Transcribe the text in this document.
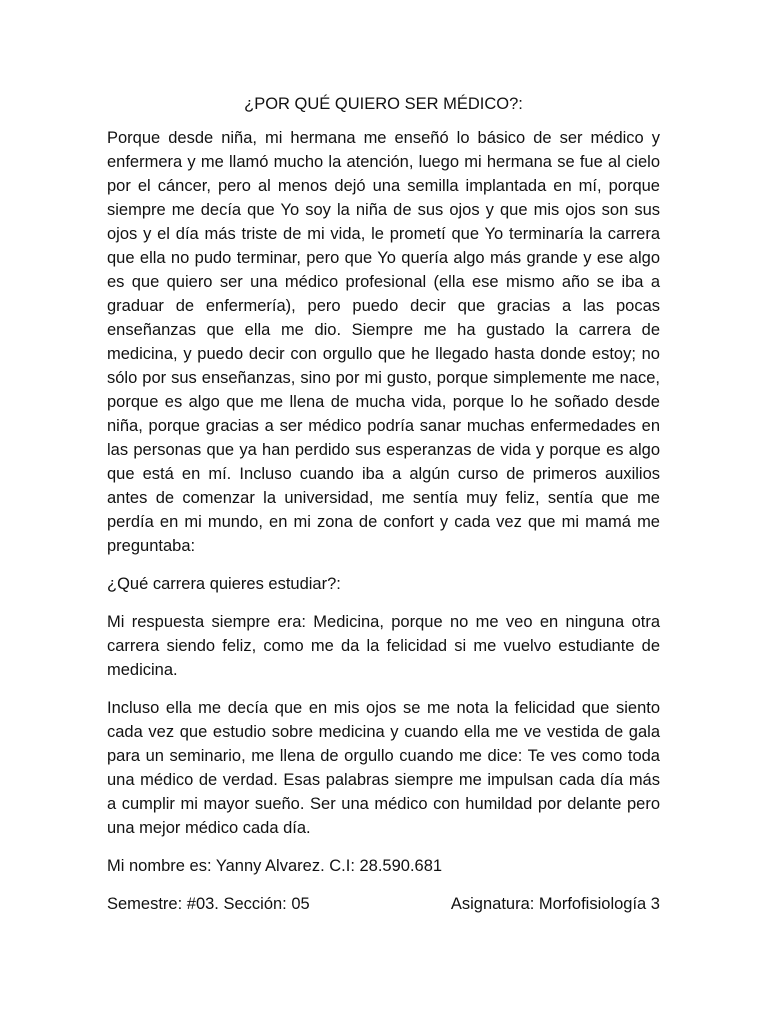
¿POR QUÉ QUIERO SER MÉDICO?:

Porque desde niña, mi hermana me enseñó lo básico de ser médico y enfermera y me llamó mucho la atención, luego mi hermana se fue al cielo por el cáncer, pero al menos dejó una semilla implantada en mí, porque siempre me decía que Yo soy la niña de sus ojos y que mis ojos son sus ojos y el día más triste de mi vida, le prometí que Yo terminaría la carrera que ella no pudo terminar, pero que Yo quería algo más grande y ese algo es que quiero ser una médico profesional (ella ese mismo año se iba a graduar de enfermería), pero puedo decir que gracias a las pocas enseñanzas que ella me dio. Siempre me ha gustado la carrera de medicina, y puedo decir con orgullo que he llegado hasta donde estoy; no sólo por sus enseñanzas, sino por mi gusto, porque simplemente me nace, porque es algo que me llena de mucha vida, porque lo he soñado desde niña, porque gracias a ser médico podría sanar muchas enfermedades en las personas que ya han perdido sus esperanzas de vida y porque es algo que está en mí. Incluso cuando iba a algún curso de primeros auxilios antes de comenzar la universidad, me sentía muy feliz, sentía que me perdía en mi mundo, en mi zona de confort y cada vez que mi mamá me preguntaba:

¿Qué carrera quieres estudiar?:

Mi respuesta siempre era: Medicina, porque no me veo en ninguna otra carrera siendo feliz, como me da la felicidad si me vuelvo estudiante de medicina.

Incluso ella me decía que en mis ojos se me nota la felicidad que siento cada vez que estudio sobre medicina y cuando ella me ve vestida de gala para un seminario, me llena de orgullo cuando me dice: Te ves como toda una médico de verdad. Esas palabras siempre me impulsan cada día más a cumplir mi mayor sueño. Ser una médico con humildad por delante pero una mejor médico cada día.

Mi nombre es: Yanny Alvarez. C.I: 28.590.681

Semestre: #03. Sección: 05	Asignatura: Morfofisiología 3
